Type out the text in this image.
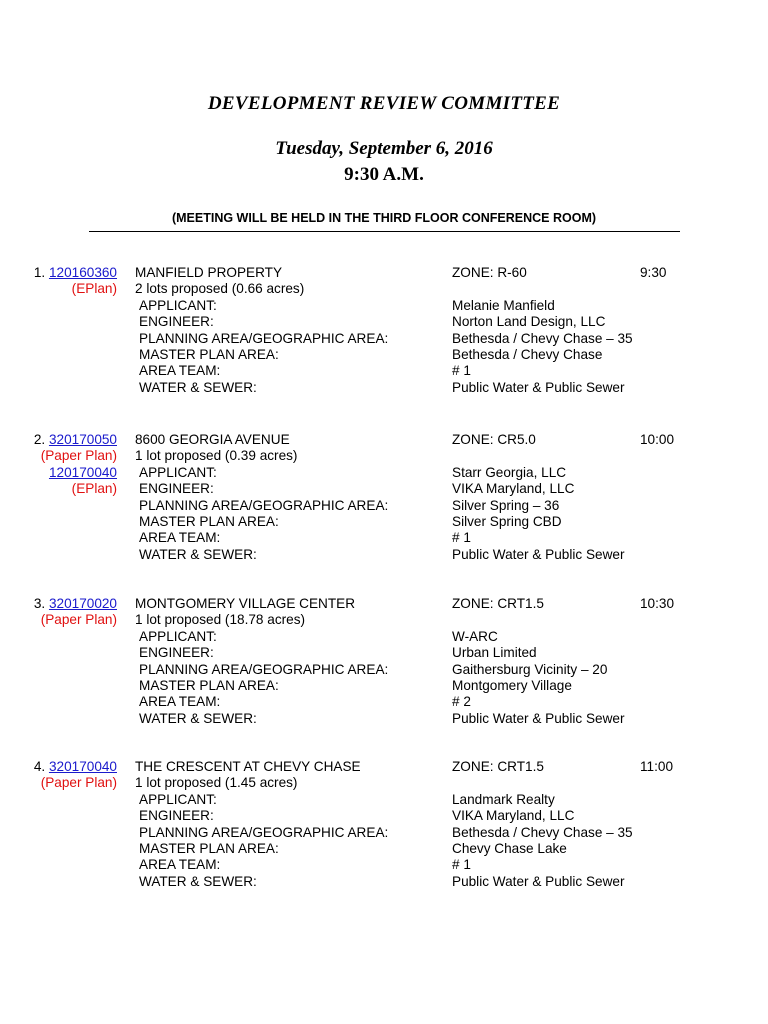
DEVELOPMENT REVIEW COMMITTEE
Tuesday, September 6, 2016
9:30 A.M.
(MEETING WILL BE HELD IN THE THIRD FLOOR CONFERENCE ROOM)
1. 120160360
(EPlan)
MANFIELD PROPERTY
2 lots proposed (0.66 acres)
APPLICANT:
ENGINEER:
PLANNING AREA/GEOGRAPHIC AREA:
MASTER PLAN AREA:
AREA TEAM:
WATER & SEWER:
ZONE: R-60
Melanie Manfield
Norton Land Design, LLC
Bethesda / Chevy Chase – 35
Bethesda / Chevy Chase
# 1
Public Water & Public Sewer
9:30
2. 320170050
(Paper Plan)
120170040
(EPlan)
8600 GEORGIA AVENUE
1 lot proposed (0.39 acres)
APPLICANT:
ENGINEER:
PLANNING AREA/GEOGRAPHIC AREA:
MASTER PLAN AREA:
AREA TEAM:
WATER & SEWER:
ZONE: CR5.0
Starr Georgia, LLC
VIKA Maryland, LLC
Silver Spring – 36
Silver Spring CBD
# 1
Public Water & Public Sewer
10:00
3. 320170020
(Paper Plan)
MONTGOMERY VILLAGE CENTER
1 lot proposed (18.78 acres)
APPLICANT:
ENGINEER:
PLANNING AREA/GEOGRAPHIC AREA:
MASTER PLAN AREA:
AREA TEAM:
WATER & SEWER:
ZONE: CRT1.5
W-ARC
Urban Limited
Gaithersburg Vicinity – 20
Montgomery Village
# 2
Public Water & Public Sewer
10:30
4. 320170040
(Paper Plan)
THE CRESCENT AT CHEVY CHASE
1 lot proposed (1.45 acres)
APPLICANT:
ENGINEER:
PLANNING AREA/GEOGRAPHIC AREA:
MASTER PLAN AREA:
AREA TEAM:
WATER & SEWER:
ZONE: CRT1.5
Landmark Realty
VIKA Maryland, LLC
Bethesda / Chevy Chase – 35
Chevy Chase Lake
# 1
Public Water & Public Sewer
11:00
